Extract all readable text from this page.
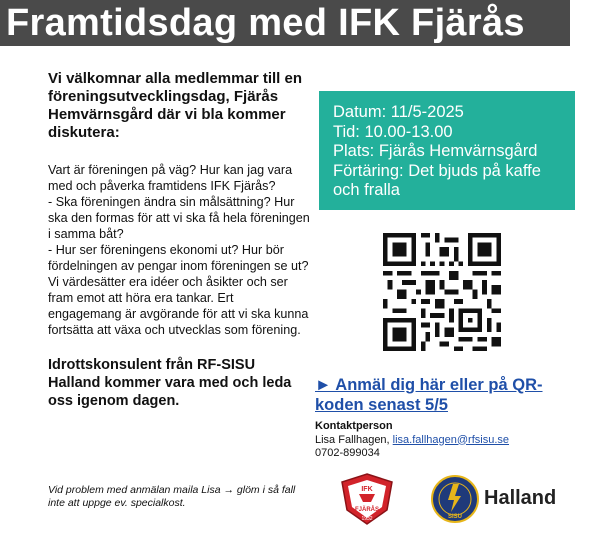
Framtidsdag med IFK Fjärås

Vi välkomnar alla medlemmar till en föreningsutvecklingsdag, Fjärås Hemvärnsgård där vi bla kommer diskutera:

Vart är föreningen på väg? Hur kan jag vara med och påverka framtidens IFK Fjärås?
- Ska föreningen ändra sin målsättning? Hur ska den formas för att vi ska få hela föreningen i samma båt?
- Hur ser föreningens ekonomi ut? Hur bör fördelningen av pengar inom föreningen se ut?
Vi värdesätter era idéer och åsikter och ser fram emot att höra era tankar. Ert engagemang är avgörande för att vi ska kunna fortsätta att växa och utvecklas som förening.

Idrottskonsulent från RF-SISU Halland kommer vara med och leda oss igenom dagen.

Vid problem med anmälan maila Lisa → glöm i så fall inte att uppge ev. specialkost.
Datum: 11/5-2025
Tid: 10.00-13.00
Plats: Fjärås Hemvärnsgård
Förtäring: Det bjuds på kaffe och fralla
► Anmäl dig här eller på QR-koden senast 5/5
Kontaktperson
Lisa Fallhagen, lisa.fallhagen@rfsisu.se
0702-899034
IFK
FJÄRÅS
1932	SISU
Halland
